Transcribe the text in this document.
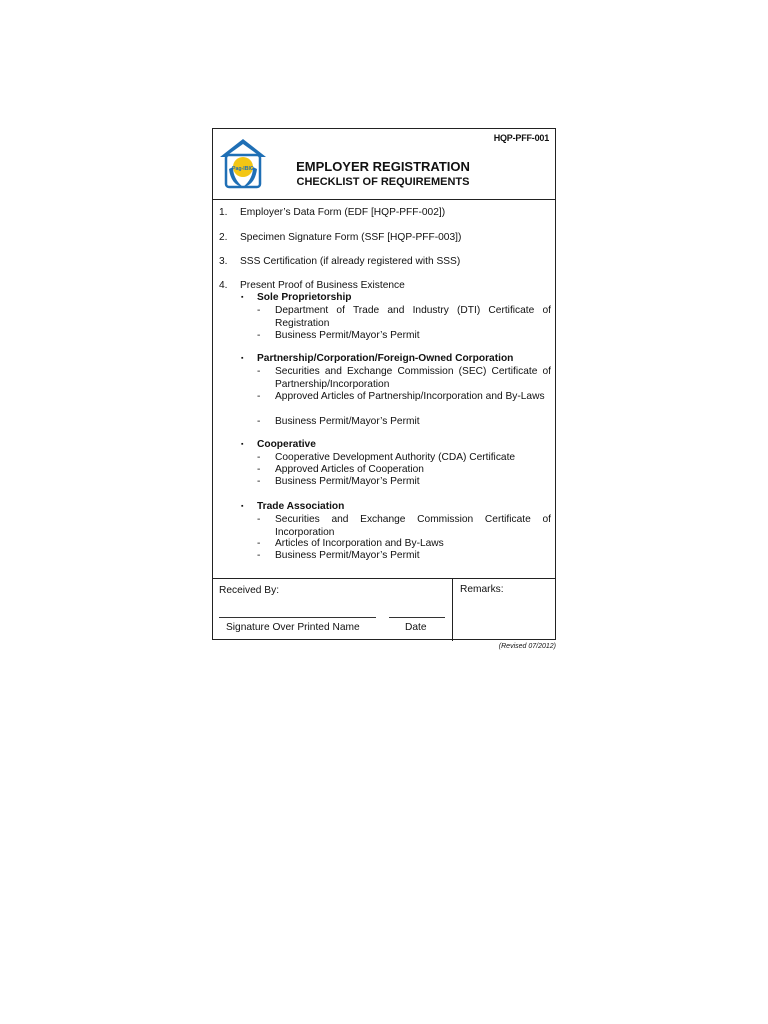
HQP-PFF-001
Pag-IBIG	EMPLOYER REGISTRATION
CHECKLIST OF REQUIREMENTS
1. Employer’s Data Form (EDF [HQP-PFF-002])
2. Specimen Signature Form (SSF [HQP-PFF-003])
3. SSS Certification (if already registered with SSS)
4. Present Proof of Business Existence
▪ Sole Proprietorship
- Department of Trade and Industry (DTI) Certificate of Registration
- Business Permit/Mayor’s Permit
▪ Partnership/Corporation/Foreign-Owned Corporation
- Securities and Exchange Commission (SEC) Certificate of Partnership/Incorporation
- Approved Articles of Partnership/Incorporation and By-Laws
- Business Permit/Mayor’s Permit
▪ Cooperative
- Cooperative Development Authority (CDA) Certificate
- Approved Articles of Cooperation
- Business Permit/Mayor’s Permit
▪ Trade Association
- Securities and Exchange Commission Certificate of Incorporation
- Articles of Incorporation and By-Laws
- Business Permit/Mayor’s Permit
Received By:	Remarks:
Signature Over Printed Name	Date
(Revised 07/2012)
